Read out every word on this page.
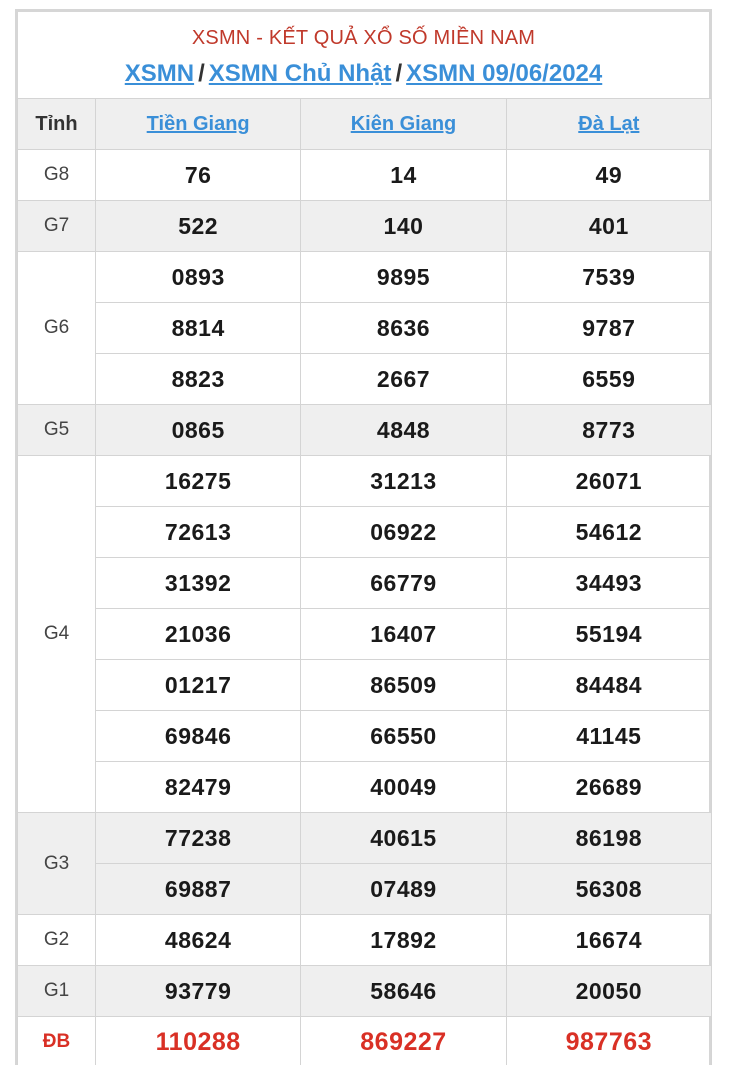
XSMN - KẾT QUẢ XỔ SỐ MIỀN NAM
XSMN / XSMN Chủ Nhật / XSMN 09/06/2024
Tỉnh	Tiền Giang	Kiên Giang	Đà Lạt
G8	76	14	49
G7	522	140	401
G6	0893	9895	7539
	8814	8636	9787
	8823	2667	6559
G5	0865	4848	8773
G4	16275	31213	26071
	72613	06922	54612
	31392	66779	34493
	21036	16407	55194
	01217	86509	84484
	69846	66550	41145
	82479	40049	26689
G3	77238	40615	86198
	69887	07489	56308
G2	48624	17892	16674
G1	93779	58646	20050
ĐB	110288	869227	987763
